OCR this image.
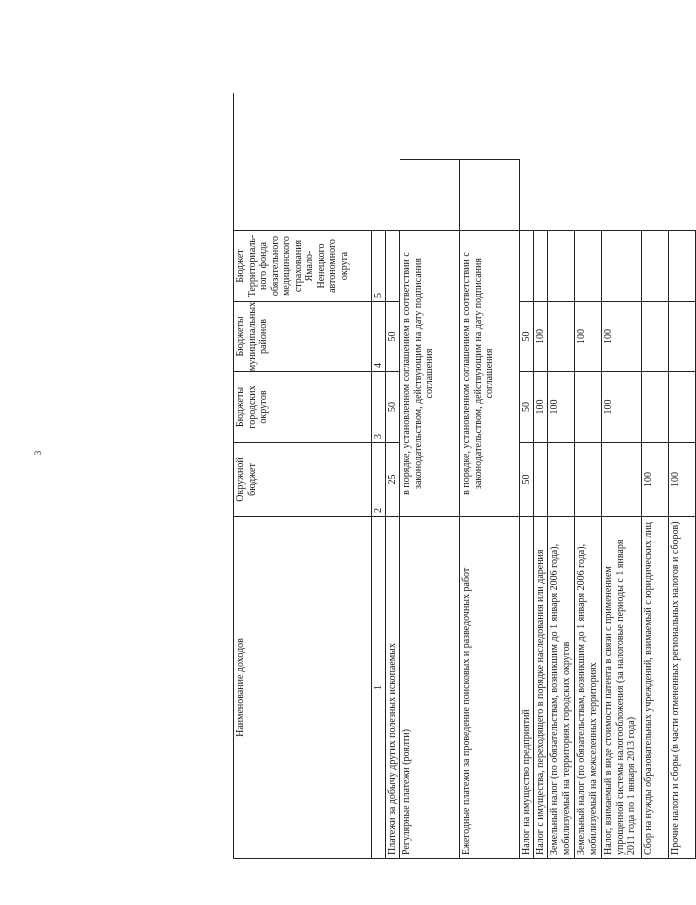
3
Наименование доходов
Окружной бюджет
Бюджеты городских округов
Бюджеты муниципальных районов
Бюджет Территориаль-ного фонда обязательного медицинского страхования Ямало-Ненецкого автономного округа
1
2
3
4
5
Платежи за добычу других полезных ископаемых
25
50
50
Регулярные платежи (роялти)
в порядке, установленном соглашением в соответствии с законодательством, действующим на дату подписания соглашения
Ежегодные платежи за проведение поисковых и разведочных работ
в порядке, установленном соглашением в соответствии с законодательством, действующим на дату подписания соглашения
Налог на имущество предприятий
50
50
50
Налог с имущества, переходящего в порядке наследования или дарения
100
100
Земельный налог (по обязательствам, возникшим до 1 января 2006 года), мобилизуемый на территориях городских округов
100
Земельный налог (по обязательствам, возникшим до 1 января 2006 года), мобилизуемый на межселенных территориях
100
Налог, взимаемый в виде стоимости патента в связи с применением упрощенной системы налогообложения (за налоговые периоды с 1 января 2011 года по 1 января 2013 года)
100
100
Сбор на нужды образовательных учреждений, взимаемый с юридических лиц
100
Прочие налоги и сборы (в части отмененных региональных налогов и сборов)
100
